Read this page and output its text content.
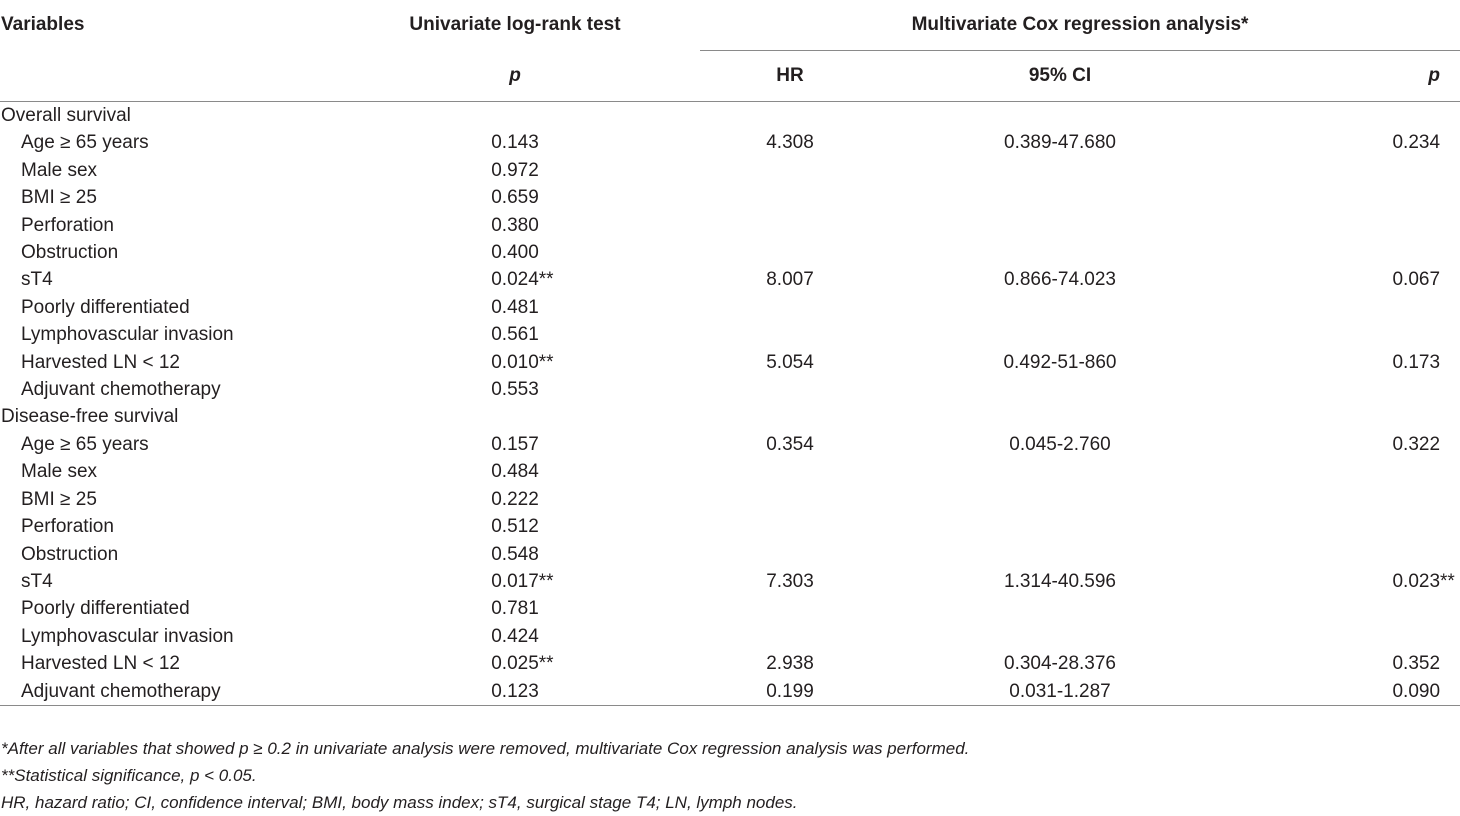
Variables	Univariate log-rank test	Multivariate Cox regression analysis*		
	p	HR	95% CI	p
Overall survival				
Age ≥ 65 years	0.143	4.308	0.389-47.680	0.234

Male sex	0.972

BMI ≥ 25	0.659

Perforation	0.380

Obstruction	0.400

sT4	0.024 **	8.007	0.866-74.023	0.067

Poorly differentiated	0.481

Lymphovascular invasion	0.561

Harvested LN < 12	0.010 **	5.054	0.492-51-860	0.173

Adjuvant chemotherapy	0.553

Disease-free survival				
Age ≥ 65 years	0.157	0.354	0.045-2.760	0.322

Male sex	0.484

BMI ≥ 25	0.222

Perforation	0.512

Obstruction	0.548

sT4	0.017 **	7.303	1.314-40.596	0.023 **

Poorly differentiated	0.781

Lymphovascular invasion	0.424

Harvested LN < 12	0.025 **	2.938	0.304-28.376	0.352

Adjuvant chemotherapy	0.123	0.199	0.031-1.287	0.090
*After all variables that showed p ≥ 0.2 in univariate analysis were removed, multivariate Cox regression analysis was performed.
**Statistical significance, p < 0.05.
HR, hazard ratio; CI, confidence interval; BMI, body mass index; sT4, surgical stage T4; LN, lymph nodes.
